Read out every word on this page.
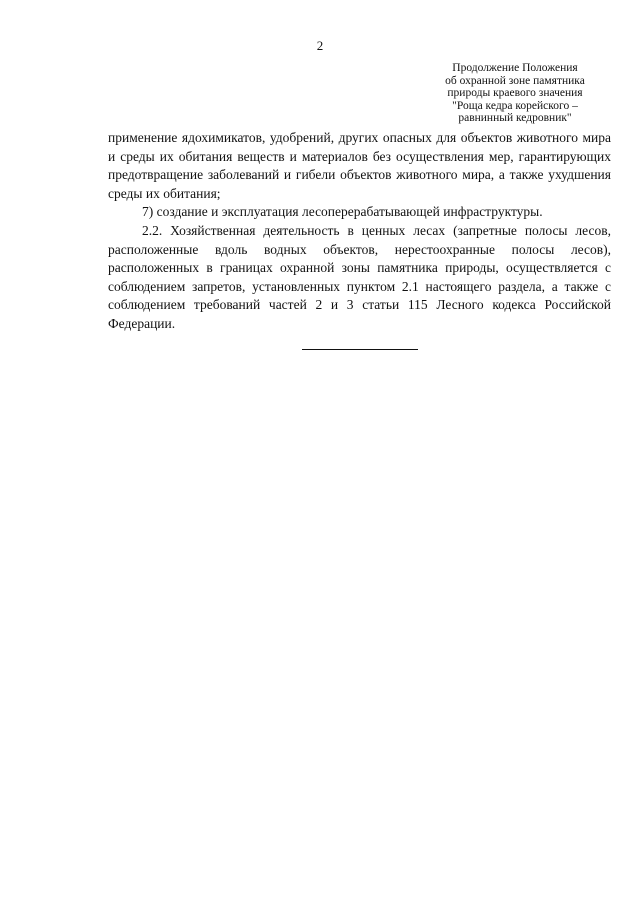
2
Продолжение Положения
об охранной зоне памятника
природы краевого значения
"Роща кедра корейского –
равнинный кедровник"

применение ядохимикатов, удобрений, других опасных для объектов животного мира и среды их обитания веществ и материалов без осуществления мер, гарантирующих предотвращение заболеваний и гибели объектов животного мира, а также ухудшения среды их обитания;

7) создание и эксплуатация лесоперерабатывающей инфраструктуры.

2.2. Хозяйственная деятельность в ценных лесах (запретные полосы лесов, расположенные вдоль водных объектов, нерестоохранные полосы лесов), расположенных в границах охранной зоны памятника природы, осуществляется с соблюдением запретов, установленных пунктом 2.1 настоящего раздела, а также с соблюдением требований частей 2 и 3 статьи 115 Лесного кодекса Российской Федерации.
